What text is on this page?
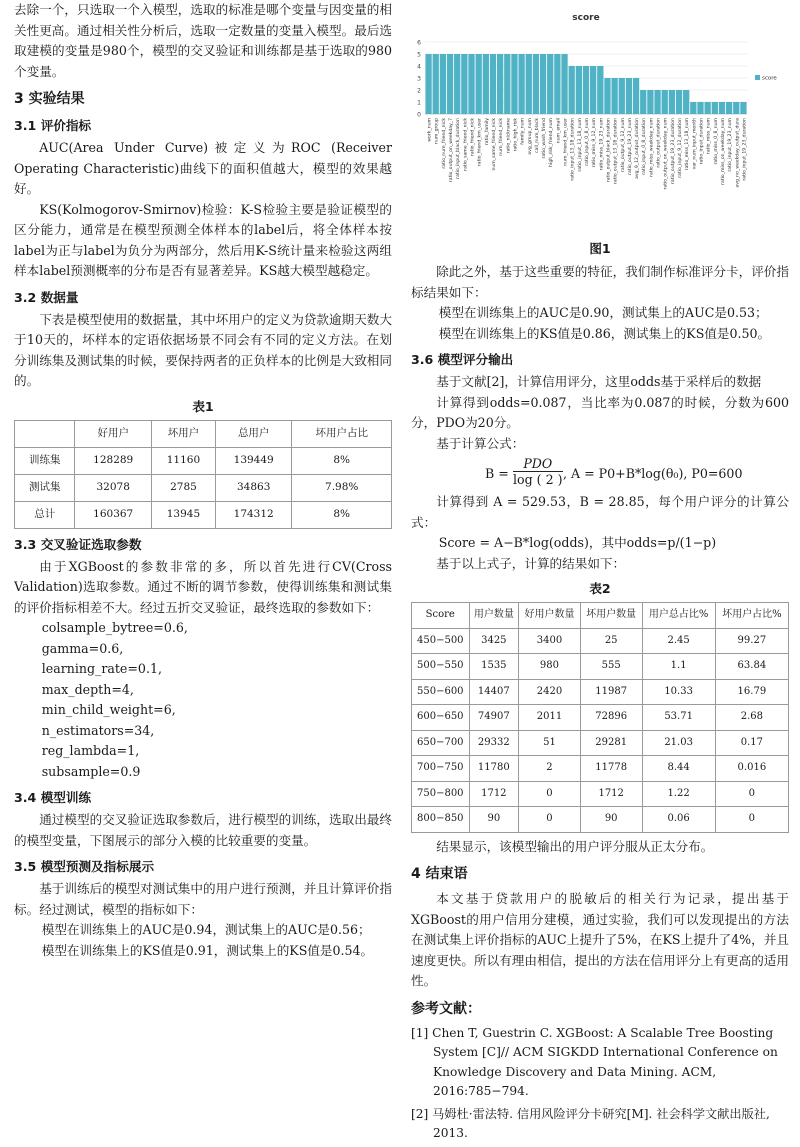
去除一个，只选取一个入模型，选取的标准是哪个变量与因变量的相关性更高。通过相关性分析后，选取一定数量的变量入模型。最后选取建模的变量是980个，模型的交叉验证和训练都是基于选取的980个变量。

3 实验结果
3.1 评价指标

AUC(Area Under Curve)被定义为ROC (Receiver Operating Characteristic)曲线下的面积值越大，模型的效果越好。

KS(Kolmogorov-Smirnov)检验：K-S检验主要是验证模型的区分能力，通常是在模型预测全体样本的label后，将全体样本按label为正与label为负分为两部分，然后用K-S统计量来检验这两组样本label预测概率的分布是否有显著差异。KS越大模型越稳定。

3.2 数据量

下表是模型使用的数据量，其中坏用户的定义为贷款逾期天数大于10天的，坏样本的定语依据场景不同会有不同的定义方法。在划分训练集及测试集的时候，要保持两者的正负样本的比例是大致相同的。

表1
	好用户	坏用户	总用户	坏用户占比
训练集	128289	11160	139449	8%
测试集	32078	2785	34863	7.98%
总计	160367	13945	174312	8%
3.3 交叉验证选取参数

由于XGBoost的参数非常的多，所以首先进行CV(Cross Validation)选取参数。通过不断的调节参数，使得训练集和测试集的评价指标相差不大。经过五折交叉验证，最终选取的参数如下：

colsample_bytree=0.6,

gamma=0.6,

learning_rate=0.1,

max_depth=4,

min_child_weight=6,

n_estimators=34,

reg_lambda=1,

subsample=0.9

3.4 模型训练

通过模型的交叉验证选取参数后，进行模型的训练，选取出最终的模型变量，下图展示的部分入模的比较重要的变量。

3.5 模型预测及指标展示

基于训练后的模型对测试集中的用户进行预测，并且计算评价指标。经过测试，模型的指标如下：

模型在训练集上的AUC是0.94，测试集上的AUC是0.56；

模型在训练集上的KS值是0.91，测试集上的KS值是0.54。

score
0
1
2
3
4
5
6
work_num num_group ratio_num_friend_nick ratio_output_on_weekday_7 ratio_input_black_duration ratio_same_friend_nick ratio_friend_nick ratio_friend_km_user ratio_family num_same_friend_nick num_friend_nick ratio_nickname ratio_high_risk family_num avg_group_num call_num_black ratio_wash_friend high_risk_friend_num num_email num_friend_km_user ratio_input_13_18_duration ratio_input_13_18_num ratio_input_0_8_num ratio_miss_9_12_num ratio_miss_19_23_num ratio_output_black_duration ratio_output_13_18_duration ratio_output_9_12_num ratio_output_19_23_num avg_9_12_output_duration ratio_input_0_8_duration ratio_miss_weekday_num ratio_output_duration ratio_output_on_weekday_num ratio_output_19_23_duration ratio_input_9_12_duration ratio_miss_13_18_num var_num_input_month ratio_input_duration ratio_miss_num ratio_miss_0_8_num ratio_miss_on_weekday_num ratio_input_19_23_num avg_no_weekday_output_dura ratio_input_19_23_duration
score
图1

除此之外，基于这些重要的特征，我们制作标准评分卡，评价指标结果如下：

模型在训练集上的AUC是0.90，测试集上的AUC是0.53；

模型在训练集上的KS值是0.86，测试集上的KS值是0.50。

3.6 模型评分输出

基于文献[2]，计算信用评分，这里odds基于采样后的数据

计算得到odds=0.087，当比率为0.087的时候，分数为600分，PDO为20分。

基于计算公式：

B =
PDO
log ( 2 ) , A = P0+B*log(θ₀), P0=600

计算得到 A = 529.53，B = 28.85，每个用户评分的计算公式：

Score = A−B*log(odds)，其中odds=p/(1−p)

基于以上式子，计算的结果如下：

表2
Score	用户数量	好用户数量	坏用户数量	用户总占比%	坏用户占比%
450−500	3425	3400	25	2.45	99.27
500−550	1535	980	555	1.1	63.84
550−600	14407	2420	11987	10.33	16.79
600−650	74907	2011	72896	53.71	2.68
650−700	29332	51	29281	21.03	0.17
700−750	11780	2	11778	8.44	0.016
750−800	1712	0	1712	1.22	0
800−850	90	0	90	0.06	0

结果显示，该模型输出的用户评分服从正太分布。

4 结束语

本文基于贷款用户的脱敏后的相关行为记录，提出基于XGBoost的用户信用分建模，通过实验，我们可以发现提出的方法在测试集上评价指标的AUC上提升了5%，在KS上提升了4%，并且速度更快。所以有理由相信，提出的方法在信用评分上有更高的适用性。

参考文献：

[1] Chen T, Guestrin C. XGBoost: A Scalable Tree Boosting System [C]// ACM SIGKDD International Conference on Knowledge Discovery and Data Mining. ACM, 2016:785−794.

[2] 马姆杜·雷法特. 信用风险评分卡研究[M]. 社会科学文献出版社, 2013.
